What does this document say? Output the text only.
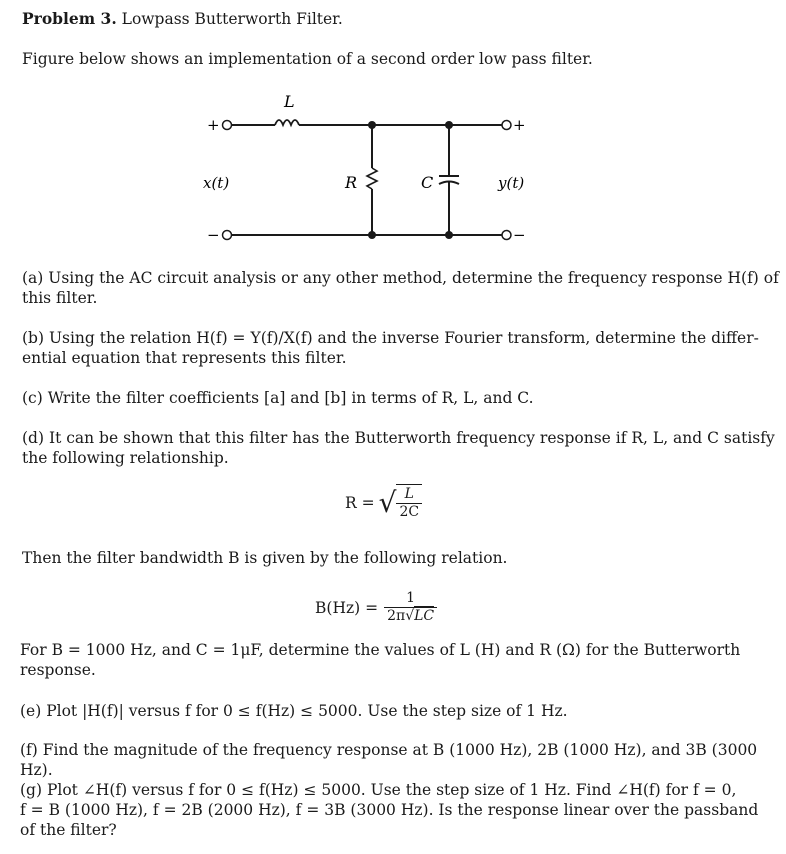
Problem 3. Lowpass Butterworth Filter.
Figure below shows an implementation of a second order low pass filter.
+
−
+
−
L
R	C
x(t)	y(t)
(a) Using the AC circuit analysis or any other method, determine the frequency response H(f) of
this filter.
(b) Using the relation H(f) = Y(f)/X(f) and the inverse Fourier transform, determine the differ-
ential equation that represents this filter.
(c) Write the filter coefficients [a] and [b] in terms of R, L, and C.
(d) It can be shown that this filter has the Butterworth frequency response if R, L, and C satisfy
the following relationship.
R = √ $\frac{L}{2C}$
Then the filter bandwidth B is given by the following relation.
$B(Hz) = \frac{1}{2\pi√LC}$
For B = 1000 Hz, and C = 1μF, determine the values of L (H) and R (Ω) for the Butterworth
response.
(e) Plot |H(f)| versus f for 0 ≤ f(Hz) ≤ 5000. Use the step size of 1 Hz.
(f) Find the magnitude of the frequency response at B (1000 Hz), 2B (1000 Hz), and 3B (3000 Hz).
(g) Plot ∠H(f) versus f for 0 ≤ f(Hz) ≤ 5000. Use the step size of 1 Hz. Find ∠H(f) for f = 0,
f = B (1000 Hz), f = 2B (2000 Hz), f = 3B (3000 Hz). Is the response linear over the passband
of the filter?
